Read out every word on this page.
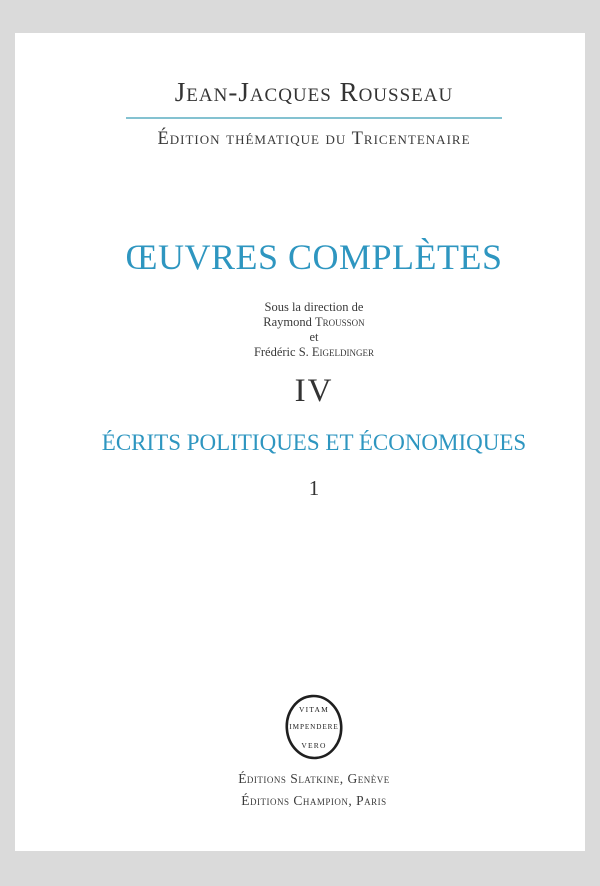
Jean-Jacques Rousseau
Édition thématique du Tricentenaire
ŒUVRES COMPLÈTES
Sous la direction de
Raymond Trousson
et
Frédéric S. Eigeldinger
IV
ÉCRITS POLITIQUES ET ÉCONOMIQUES
1
VITAM
IMPENDERE
VERO
Éditions Slatkine, Genève
Éditions Champion, Paris
